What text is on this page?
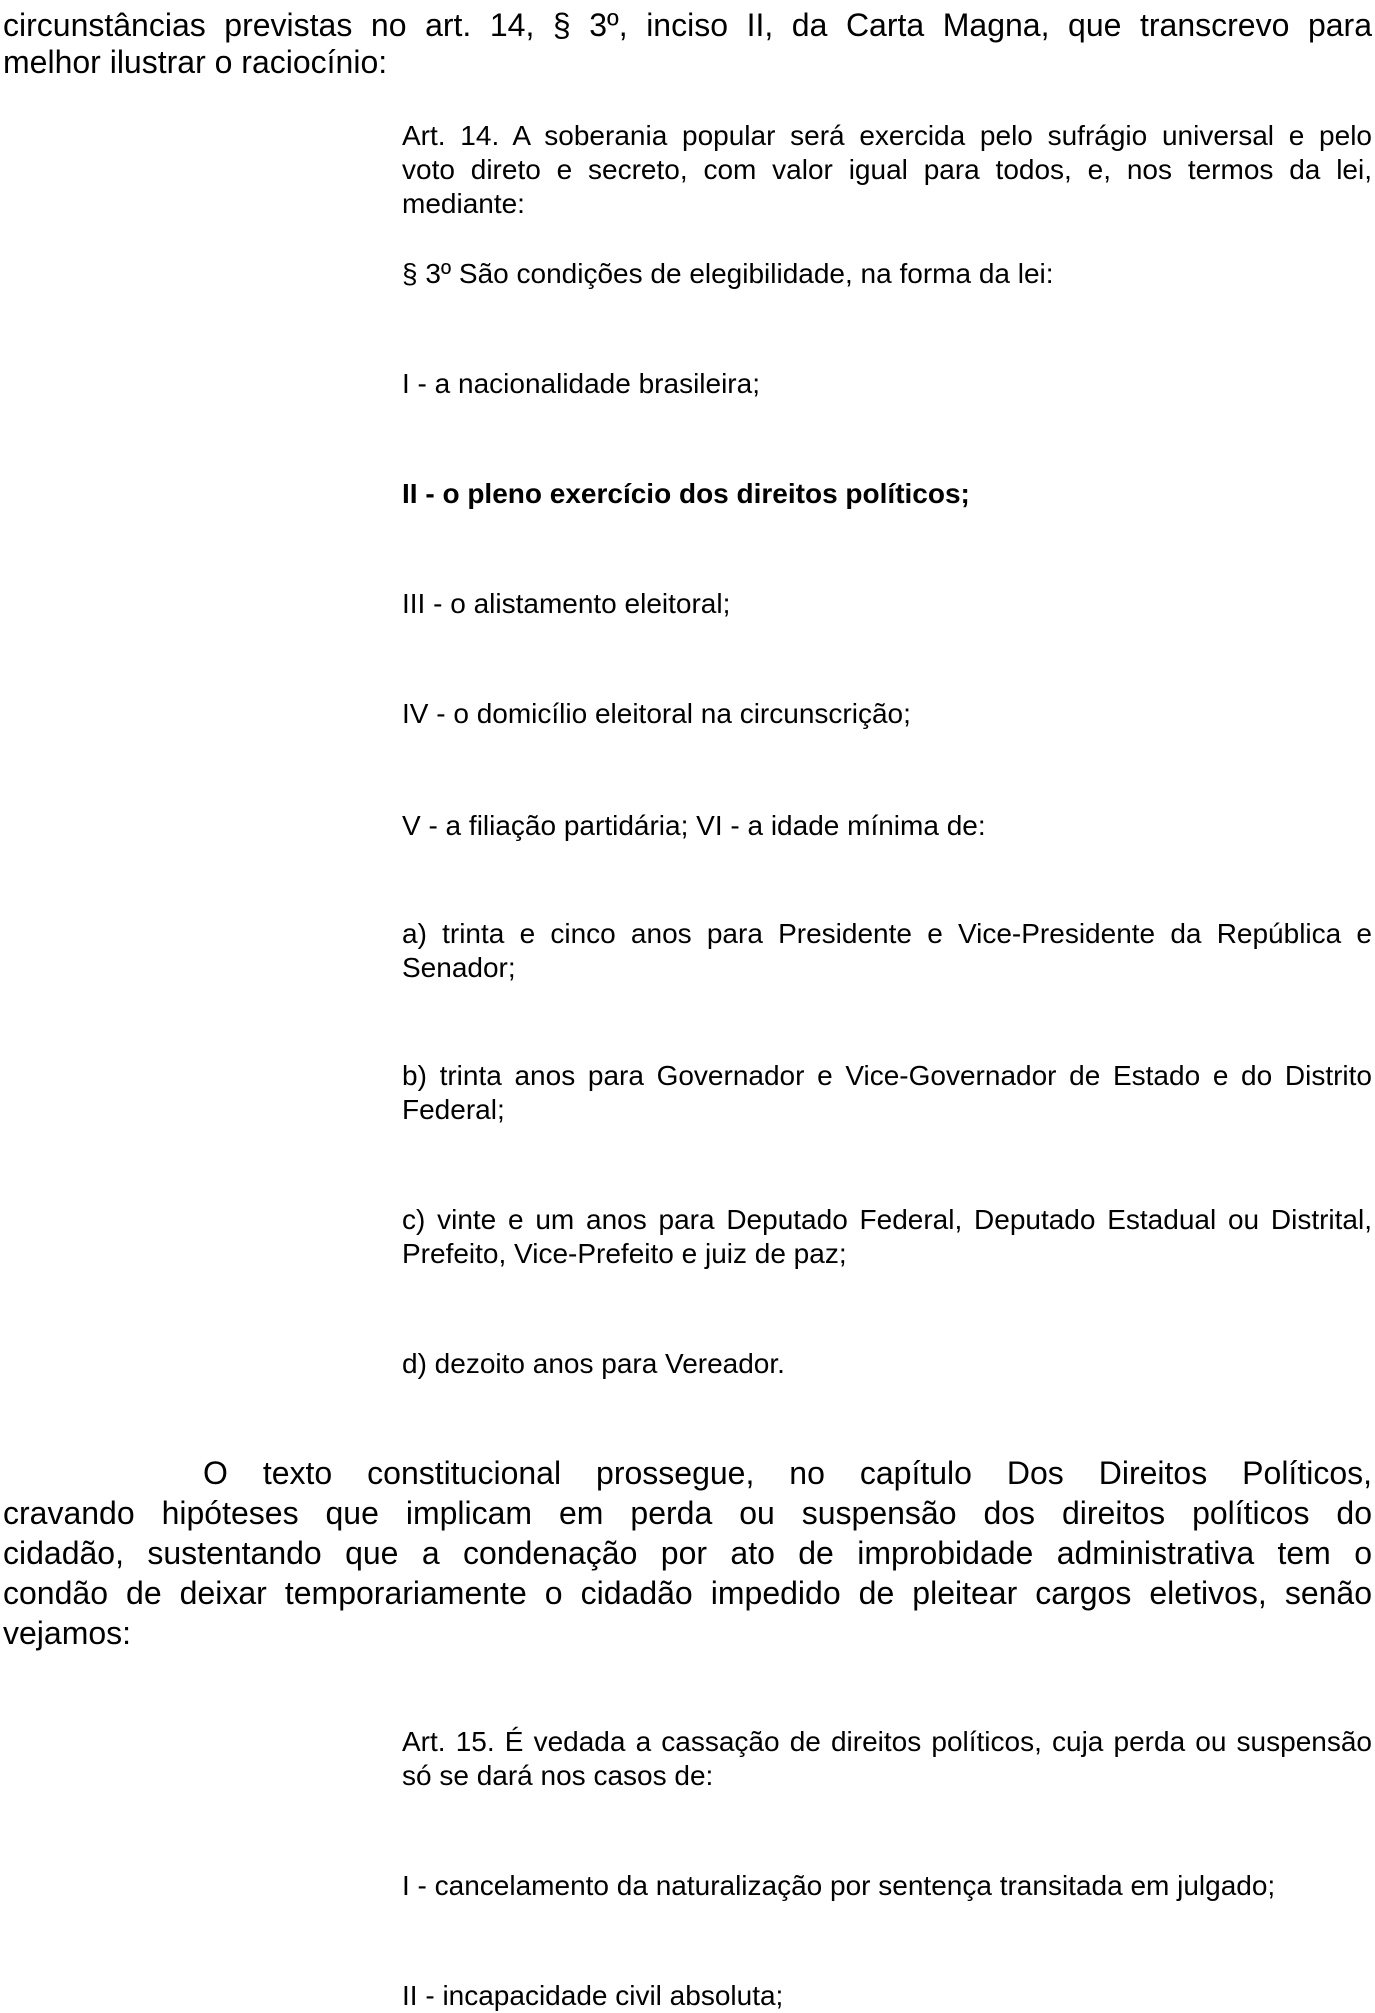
circunstâncias previstas no art. 14, § 3º, inciso II, da Carta Magna, que transcrevo para
melhor ilustrar o raciocínio:
Art. 14. A soberania popular será exercida pelo sufrágio universal e pelo
voto direto e secreto, com valor igual para todos, e, nos termos da lei,
mediante:
§ 3º São condições de elegibilidade, na forma da lei:
I - a nacionalidade brasileira;
II - o pleno exercício dos direitos políticos;
III - o alistamento eleitoral;
IV - o domicílio eleitoral na circunscrição;
V - a filiação partidária; VI - a idade mínima de:
a) trinta e cinco anos para Presidente e Vice-Presidente da República e
Senador;
b) trinta anos para Governador e Vice-Governador de Estado e do Distrito
Federal;
c) vinte e um anos para Deputado Federal, Deputado Estadual ou Distrital,
Prefeito, Vice-Prefeito e juiz de paz;
d) dezoito anos para Vereador.
O texto constitucional prossegue, no capítulo Dos Direitos Políticos,
cravando hipóteses que implicam em perda ou suspensão dos direitos políticos do
cidadão, sustentando que a condenação por ato de improbidade administrativa tem o
condão de deixar temporariamente o cidadão impedido de pleitear cargos eletivos, senão
vejamos:
Art. 15. É vedada a cassação de direitos políticos, cuja perda ou suspensão
só se dará nos casos de:
I - cancelamento da naturalização por sentença transitada em julgado;
II - incapacidade civil absoluta;
